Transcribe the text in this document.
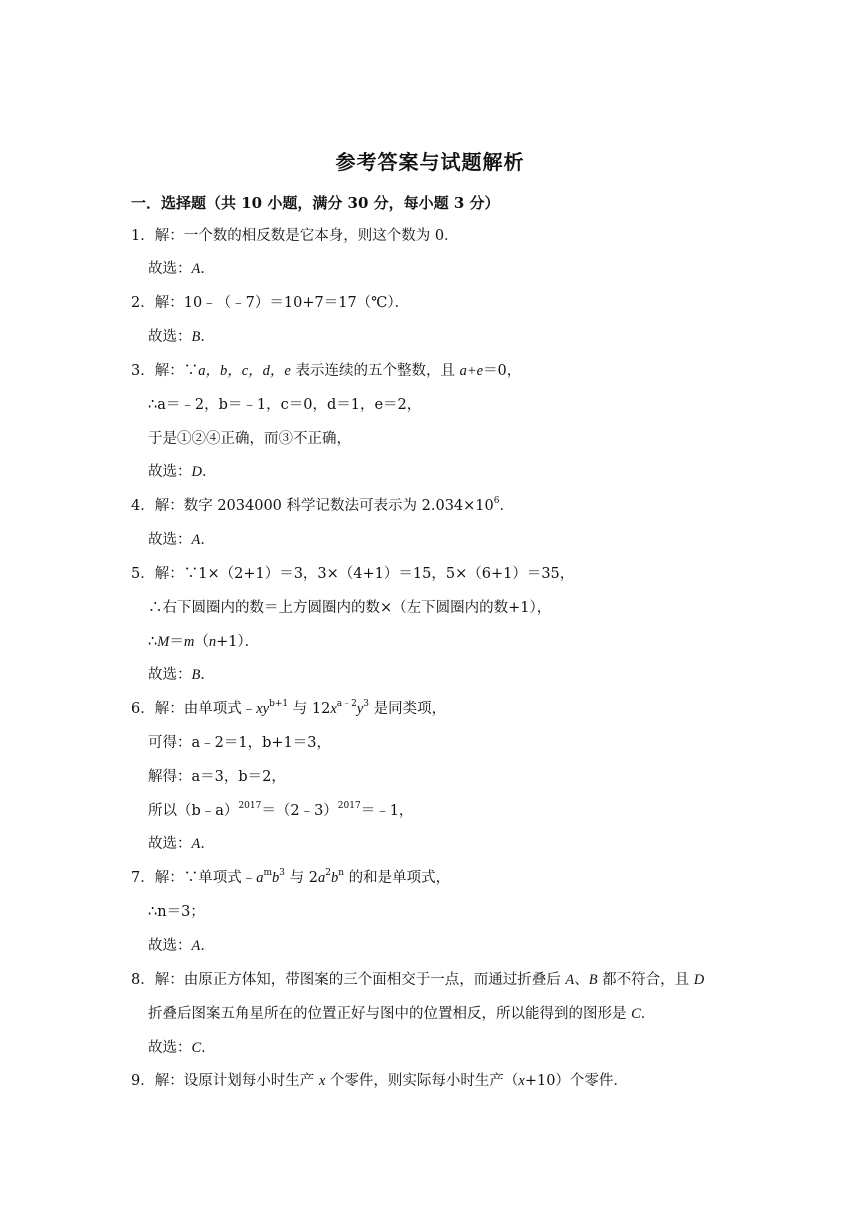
参考答案与试题解析
一．选择题（共 10 小题，满分 30 分，每小题 3 分）
1．解：一个数的相反数是它本身，则这个数为 0．
故选：A．
2．解：10﹣（﹣7）＝10+7＝17（℃）．
故选：B．
3．解：∵a，b，c，d，e 表示连续的五个整数，且 a+e＝0，
∴a＝﹣2，b＝﹣1，c＝0，d＝1，e＝2，
于是①②④正确，而③不正确，
故选：D．
4．解：数字 2034000 科学记数法可表示为 $2.034\times 10^6$．
故选：A．
5．解：∵1×（2+1）＝3，3×（4+1）＝15，5×（6+1）＝35，
∴右下圆圈内的数＝上方圆圈内的数×（左下圆圈内的数+1），
∴M＝m（n+1）．
故选：B．
6．解：由单项式$﹣xy^{b+1}$ 与 $12x^{a﹣2}y^3$ 是同类项，
可得：a﹣2＝1，b+1＝3，
解得：a＝3，b＝2，
所以（b﹣a）$^{2017}$＝（2﹣3）$^{2017}$＝﹣1，
故选：A．
7．解：∵单项式$﹣a^mb^3$ 与 $2a^2b^n$ 的和是单项式，
∴n＝3；
故选：A．
8．解：由原正方体知，带图案的三个面相交于一点，而通过折叠后 A、B 都不符合，且 D
折叠后图案五角星所在的位置正好与图中的位置相反，所以能得到的图形是 C．
故选：C．
9．解：设原计划每小时生产 x 个零件，则实际每小时生产（x+10）个零件．
